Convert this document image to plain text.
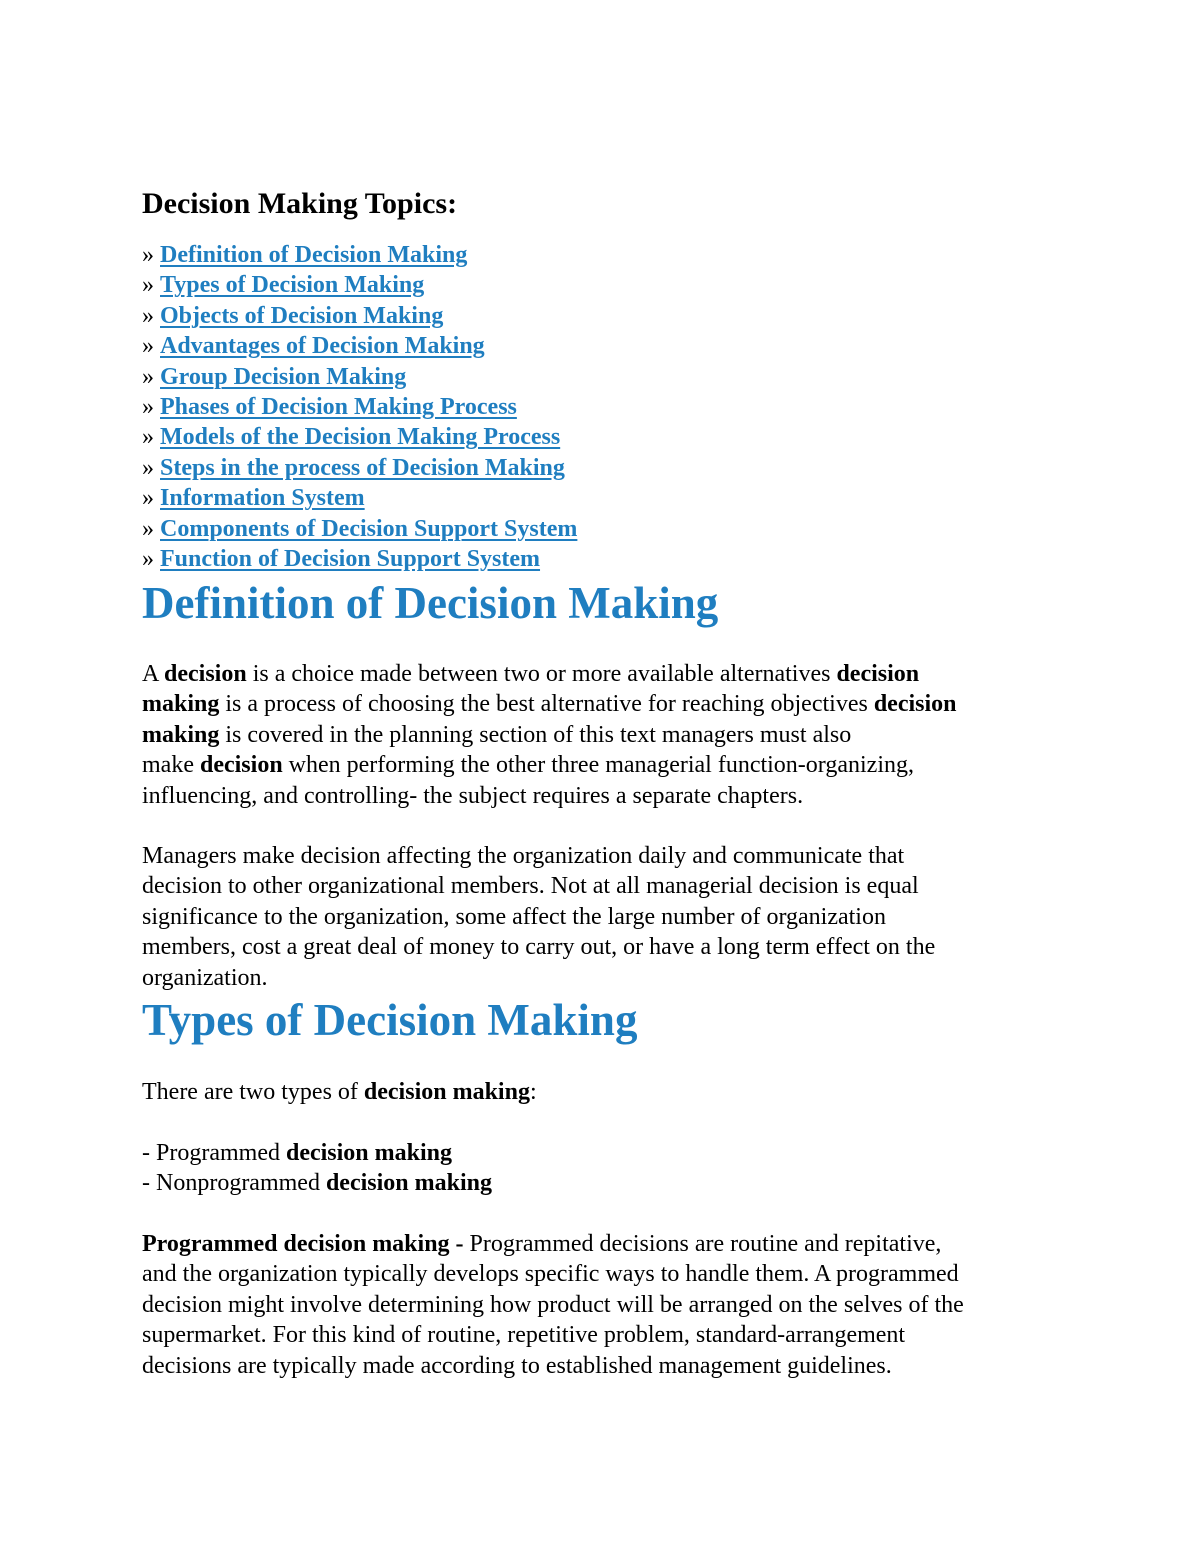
Decision Making Topics:
» Definition of Decision Making
» Types of Decision Making
» Objects of Decision Making
» Advantages of Decision Making
» Group Decision Making
» Phases of Decision Making Process
» Models of the Decision Making Process
» Steps in the process of Decision Making
» Information System
» Components of Decision Support System
» Function of Decision Support System
Definition of Decision Making

A decision is a choice made between two or more available alternatives decision
making is a process of choosing the best alternative for reaching objectives decision
making is covered in the planning section of this text managers must also
make decision when performing the other three managerial function-organizing,
influencing, and controlling- the subject requires a separate chapters.

Managers make decision affecting the organization daily and communicate that
decision to other organizational members. Not at all managerial decision is equal
significance to the organization, some affect the large number of organization
members, cost a great deal of money to carry out, or have a long term effect on the
organization.

Types of Decision Making

There are two types of decision making:

- Programmed decision making
- Nonprogrammed decision making

Programmed decision making - Programmed decisions are routine and repitative,
and the organization typically develops specific ways to handle them. A programmed
decision might involve determining how product will be arranged on the selves of the
supermarket. For this kind of routine, repetitive problem, standard-arrangement
decisions are typically made according to established management guidelines.
